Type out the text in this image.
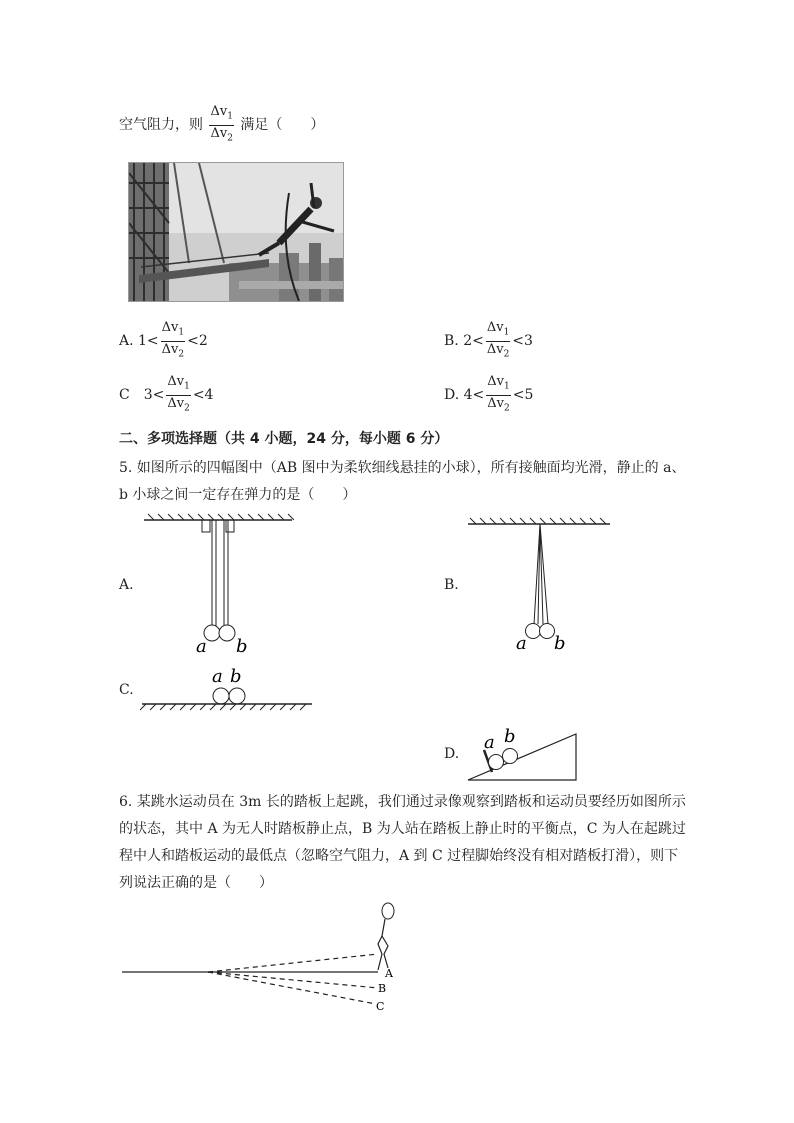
空气阻力，则 $\frac{\Delta v_1}{\Delta v_2}$ 满足（　　）
A. $1< \frac{\Delta v_1}{\Delta v_2} <2$	B. $2< \frac{\Delta v_1}{\Delta v_2} <3$
C　$3< \frac{\Delta v_1}{\Delta v_2} <4$	D. $4< \frac{\Delta v_1}{\Delta v_2} <5$
二、多项选择题（共 4 小题，24 分，每小题 6 分）
5. 如图所示的四幅图中（AB 图中为柔软细线悬挂的小球），所有接触面均光滑，静止的 a、
b 小球之间一定存在弹力的是（　　）
A.
a b
B.
a b
C.
a b
D.
a b
6. 某跳水运动员在 3m 长的踏板上起跳，我们通过录像观察到踏板和运动员要经历如图所示
的状态，其中 A 为无人时踏板静止点，B 为人站在踏板上静止时的平衡点，C 为人在起跳过
程中人和踏板运动的最低点（忽略空气阻力，A 到 C 过程脚始终没有相对踏板打滑），则下
列说法正确的是（　　）
A
B
C
